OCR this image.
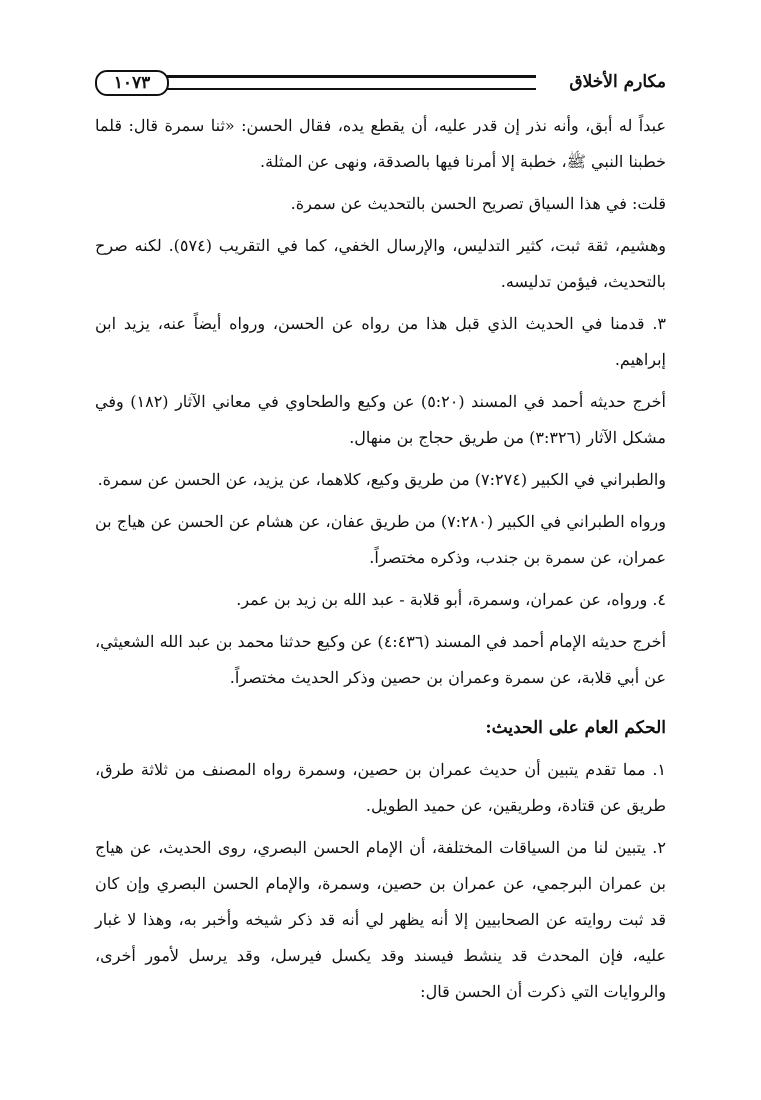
مكارم الأخلاق
١٠٧٣

عبداً له أبق، وأنه نذر إن قدر عليه، أن يقطع يده، فقال الحسن: «ثنا سمرة قال: قلما خطبنا النبي ﷺ، خطبة إلا أمرنا فيها بالصدقة، ونهى عن المثلة.

قلت: في هذا السياق تصريح الحسن بالتحديث عن سمرة.

وهشيم، ثقة ثبت، كثير التدليس، والإرسال الخفي، كما في التقريب (٥٧٤). لكنه صرح بالتحديث، فيؤمن تدليسه.

٣. قدمنا في الحديث الذي قبل هذا من رواه عن الحسن، ورواه أيضاً عنه، يزيد ابن إبراهيم.

أخرج حديثه أحمد في المسند (٥:٢٠) عن وكيع والطحاوي في معاني الآثار (١٨٢) وفي مشكل الآثار (٣:٣٢٦) من طريق حجاج بن منهال.

والطبراني في الكبير (٧:٢٧٤) من طريق وكيع، كلاهما، عن يزيد، عن الحسن عن سمرة.

ورواه الطبراني في الكبير (٧:٢٨٠) من طريق عفان، عن هشام عن الحسن عن هياج بن عمران، عن سمرة بن جندب، وذكره مختصراً.

٤. ورواه، عن عمران، وسمرة، أبو قلابة - عبد الله بن زيد بن عمر.

أخرج حديثه الإمام أحمد في المسند (٤:٤٣٦) عن وكيع حدثنا محمد بن عبد الله الشعيثي، عن أبي قلابة، عن سمرة وعمران بن حصين وذكر الحديث مختصراً.

الحكم العام على الحديث:

١. مما تقدم يتبين أن حديث عمران بن حصين، وسمرة رواه المصنف من ثلاثة طرق، طريق عن قتادة، وطريقين، عن حميد الطويل.

٢. يتبين لنا من السياقات المختلفة، أن الإمام الحسن البصري، روى الحديث، عن هياج بن عمران البرجمي، عن عمران بن حصين، وسمرة، والإمام الحسن البصري وإن كان قد ثبت روايته عن الصحابيين إلا أنه يظهر لي أنه قد ذكر شيخه وأخبر به، وهذا لا غبار عليه، فإن المحدث قد ينشط فيسند وقد يكسل فيرسل، وقد يرسل لأمور أخرى، والروايات التي ذكرت أن الحسن قال:
